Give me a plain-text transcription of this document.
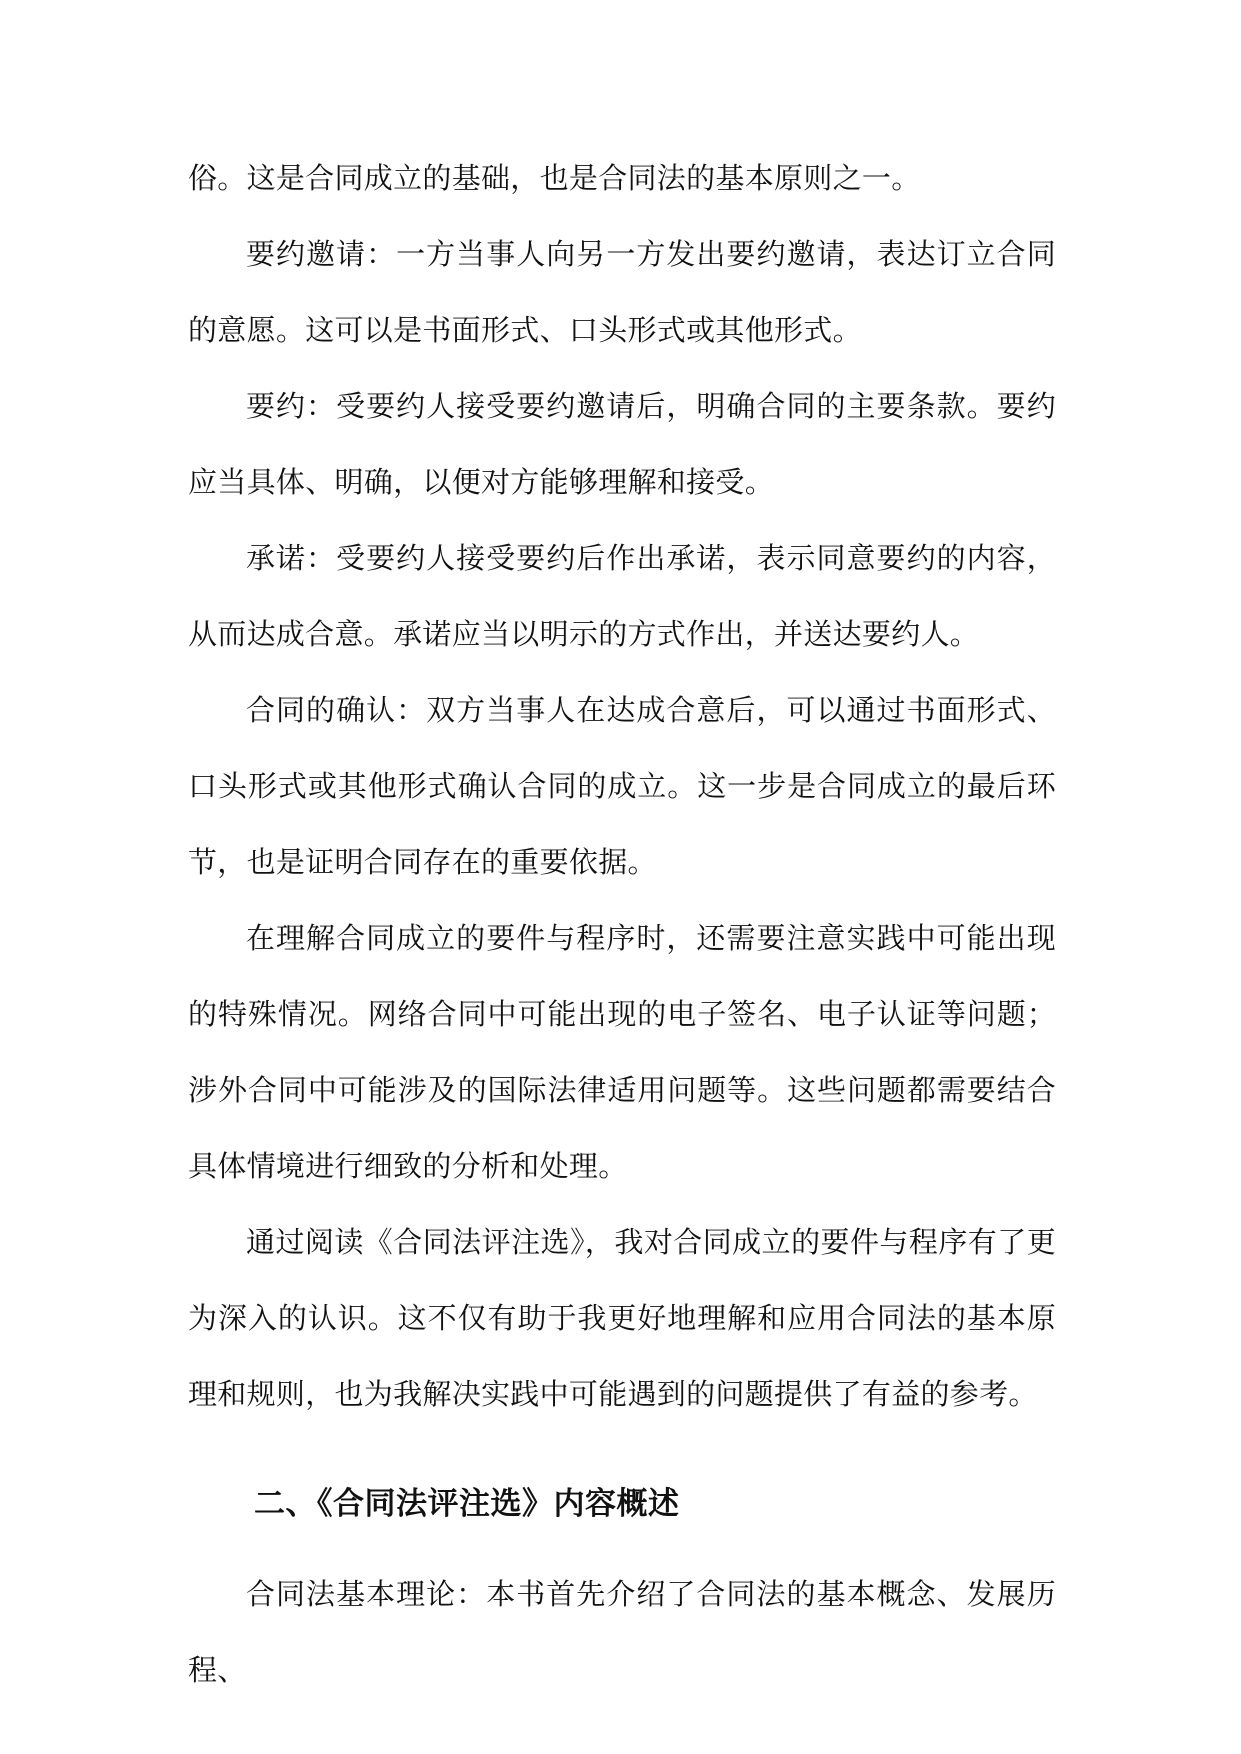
俗。这是合同成立的基础，也是合同法的基本原则之一。

要约邀请：一方当事人向另一方发出要约邀请，表达订立合同的意愿。这可以是书面形式、口头形式或其他形式。

要约：受要约人接受要约邀请后，明确合同的主要条款。要约应当具体、明确，以便对方能够理解和接受。

承诺：受要约人接受要约后作出承诺，表示同意要约的内容，从而达成合意。承诺应当以明示的方式作出，并送达要约人。

合同的确认：双方当事人在达成合意后，可以通过书面形式、口头形式或其他形式确认合同的成立。这一步是合同成立的最后环节，也是证明合同存在的重要依据。

在理解合同成立的要件与程序时，还需要注意实践中可能出现的特殊情况。网络合同中可能出现的电子签名、电子认证等问题；涉外合同中可能涉及的国际法律适用问题等。这些问题都需要结合具体情境进行细致的分析和处理。

通过阅读《合同法评注选》，我对合同成立的要件与程序有了更为深入的认识。这不仅有助于我更好地理解和应用合同法的基本原理和规则，也为我解决实践中可能遇到的问题提供了有益的参考。

二、《合同法评注选》内容概述

合同法基本理论：本书首先介绍了合同法的基本概念、发展历程、
